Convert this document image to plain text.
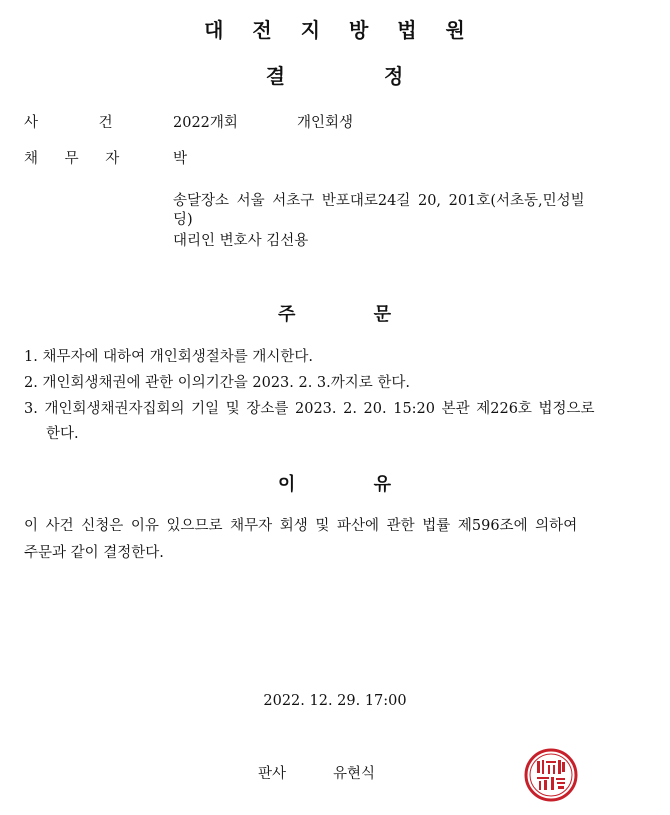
대 전 지 방 법 원
결 정
사 건	2022개회	개인회생
채 무 자	박
송달장소 서울 서초구 반포대로24길 20, 201호(서초동,민성빌
딩)
대리인 변호사 김선용
주 문
1. 채무자에 대하여 개인회생절차를 개시한다.
2. 개인회생채권에 관한 이의기간을 2023. 2. 3.까지로 한다.
3. 개인회생채권자집회의 기일 및 장소를 2023. 2. 20. 15:20 본관 제226호 법정으로
한다.
이 유
이 사건 신청은 이유 있으므로 채무자 회생 및 파산에 관한 법률 제596조에 의하여
주문과 같이 결정한다.
2022. 12. 29. 17:00
판사	유현식
